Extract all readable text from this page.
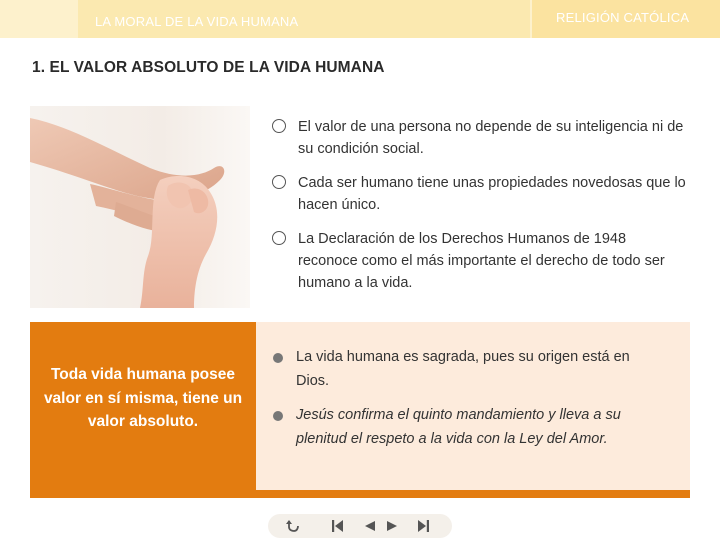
LA MORAL DE LA VIDA HUMANA	RELIGIÓN CATÓLICA
1. EL VALOR ABSOLUTO DE LA VIDA HUMANA
El valor de una persona no depende de su inteligencia ni de su condición social.
Cada ser humano tiene unas propiedades novedosas que lo hacen único.
La Declaración de los Derechos Humanos de 1948 reconoce como el más importante el derecho de todo ser humano a la vida.
Toda vida humana posee valor en sí misma, tiene un valor absoluto.
La vida humana es sagrada, pues su origen está en Dios.
Jesús confirma el quinto mandamiento y lleva a su plenitud el respeto a la vida con la Ley del Amor.
